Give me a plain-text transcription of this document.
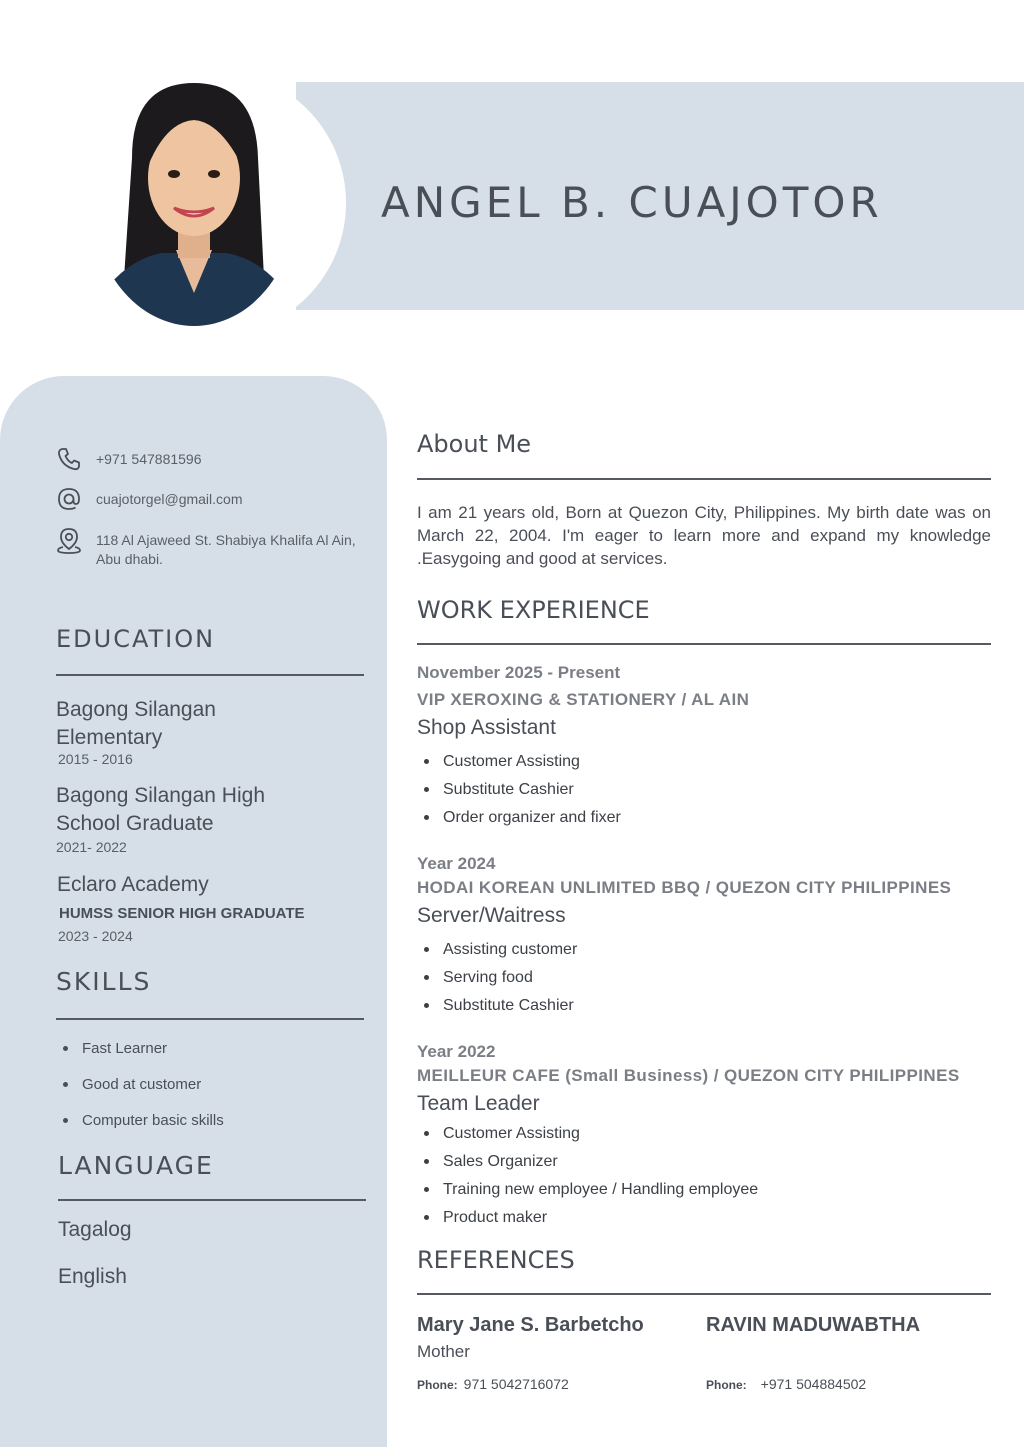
ANGEL B. CUAJOTOR
+971 547881596
cuajotorgel@gmail.com
118 Al Ajaweed St. Shabiya Khalifa Al Ain, Abu dhabi.
EDUCATION
Bagong Silangan Elementary
2015 - 2016
Bagong Silangan High School Graduate
2021- 2022
Eclaro Academy
HUMSS SENIOR HIGH GRADUATE
2023 - 2024
SKILLS
Fast Learner
Good at customer
Computer basic skills
LANGUAGE
Tagalog
English
About Me
I am 21 years old, Born at Quezon City, Philippines. My birth date was on March 22, 2004. I'm eager to learn more and expand my knowledge .Easygoing and good at services.
WORK EXPERIENCE
November 2025 - Present
VIP XEROXING & STATIONERY / AL AIN
Shop Assistant
Customer Assisting
Substitute Cashier
Order organizer and fixer
Year 2024
HODAI KOREAN UNLIMITED BBQ / QUEZON CITY PHILIPPINES
Server/Waitress
Assisting customer
Serving food
Substitute Cashier
Year 2022
MEILLEUR CAFE (Small Business) / QUEZON CITY PHILIPPINES
Team Leader
Customer Assisting
Sales Organizer
Training new employee / Handling employee
Product maker
REFERENCES
Mary Jane S. Barbetcho
Mother
Phone: 971 5042716072
RAVIN MADUWABTHA
Phone: +971 504884502
